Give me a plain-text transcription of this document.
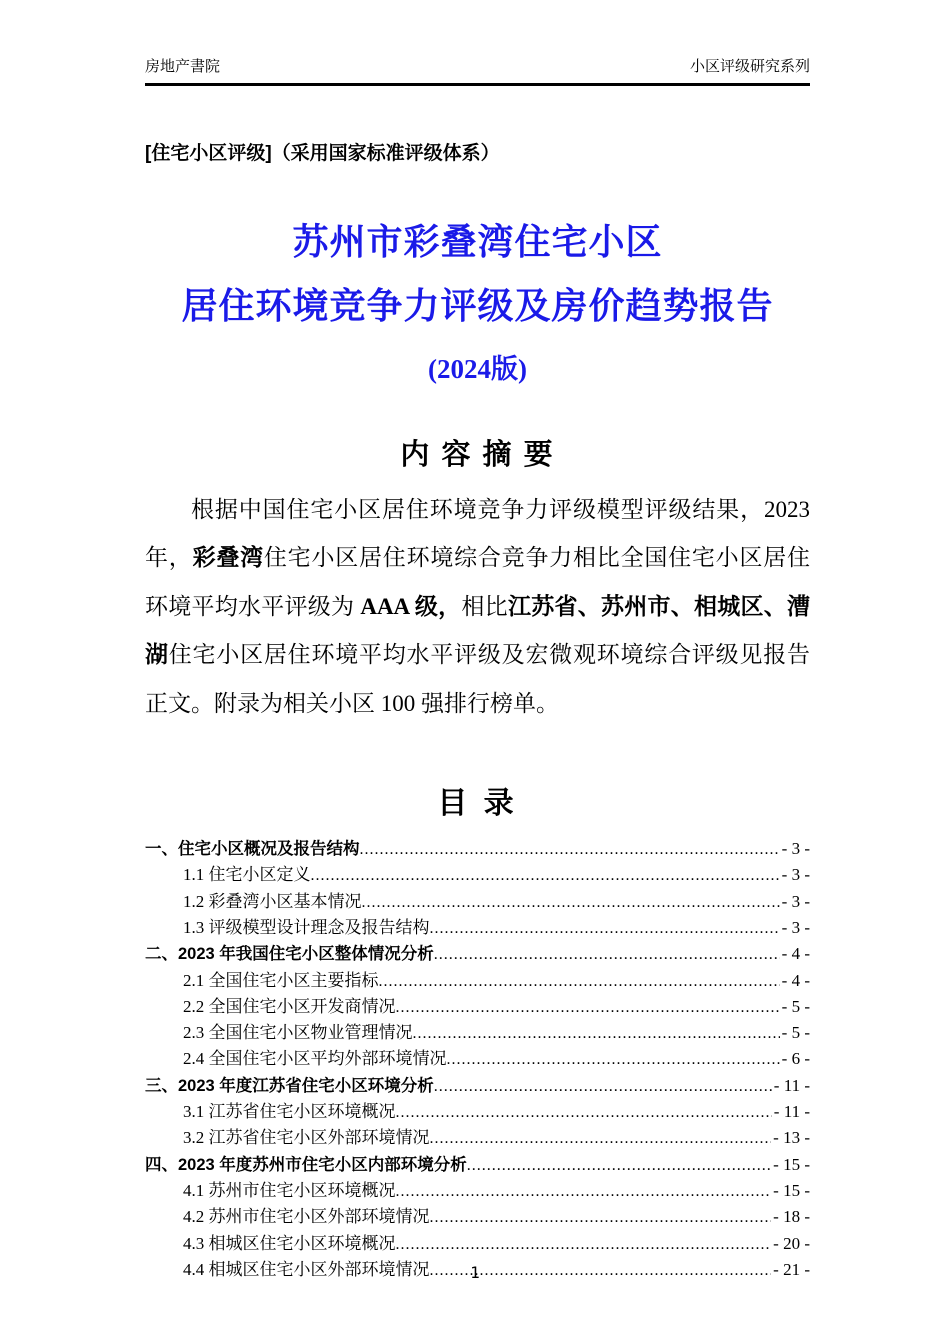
房地产書院	小区评级研究系列
[住宅小区评级]（采用国家标准评级体系）
苏州市彩叠湾住宅小区
居住环境竞争力评级及房价趋势报告
(2024版)
内 容 摘 要

根据中国住宅小区居住环境竞争力评级模型评级结果，2023 年，彩叠湾住宅小区居住环境综合竞争力相比全国住宅小区居住环境平均水平评级为 AAA 级，相比江苏省、苏州市、相城区、漕湖住宅小区居住环境平均水平评级及宏微观环境综合评级见报告正文。附录为相关小区 100 强排行榜单。

目 录
一、住宅小区概况及报告结构 .....	- 3 -
1.1 住宅小区定义 .....	- 3 -
1.2 彩叠湾小区基本情况 .....	- 3 -
1.3 评级模型设计理念及报告结构 .....	- 3 -
二、2023 年我国住宅小区整体情况分析 .....	- 4 -
2.1 全国住宅小区主要指标 .....	- 4 -
2.2 全国住宅小区开发商情况 .....	- 5 -
2.3 全国住宅小区物业管理情况 .....	- 5 -
2.4 全国住宅小区平均外部环境情况 .....	- 6 -
三、2023 年度江苏省住宅小区环境分析 .....	- 11 -
3.1 江苏省住宅小区环境概况 .....	- 11 -
3.2 江苏省住宅小区外部环境情况 .....	- 13 -
四、2023 年度苏州市住宅小区内部环境分析 .....	- 15 -
4.1 苏州市住宅小区环境概况 .....	- 15 -
4.2 苏州市住宅小区外部环境情况 .....	- 18 -
4.3 相城区住宅小区环境概况 .....	- 20 -
4.4 相城区住宅小区外部环境情况 .....	- 21 -
1
